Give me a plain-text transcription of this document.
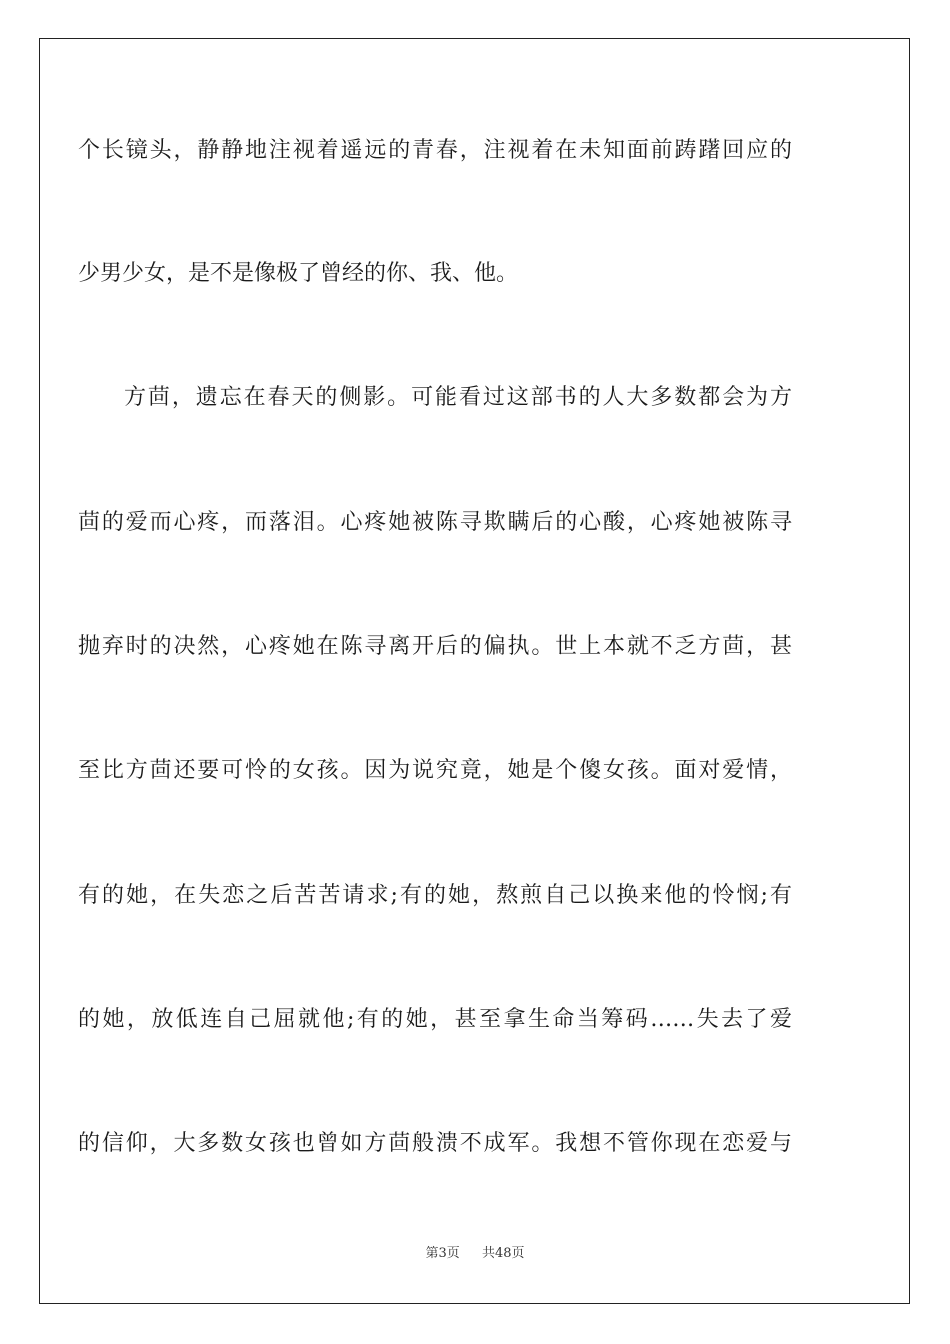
个长镜头，静静地注视着遥远的青春，注视着在未知面前踌躇回应的
少男少女，是不是像极了曾经的你、我、他。
方茴，遗忘在春天的侧影。可能看过这部书的人大多数都会为方
茴的爱而心疼，而落泪。心疼她被陈寻欺瞒后的心酸，心疼她被陈寻
抛弃时的决然，心疼她在陈寻离开后的偏执。世上本就不乏方茴，甚
至比方茴还要可怜的女孩。因为说究竟，她是个傻女孩。面对爱情，
有的她，在失恋之后苦苦请求;有的她，熬煎自己以换来他的怜悯;有
的她，放低连自己屈就他;有的她，甚至拿生命当筹码……失去了爱
的信仰，大多数女孩也曾如方茴般溃不成军。我想不管你现在恋爱与
第3页 共48页
